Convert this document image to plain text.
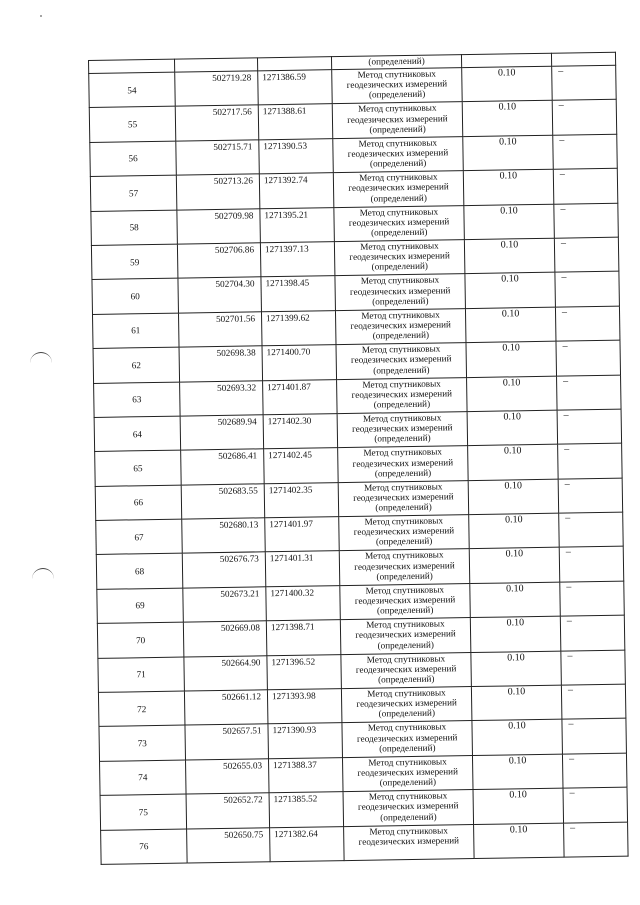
			(определений)		
54	502719.28	1271386.59	Метод спутниковых
геодезических измерений
(определений)	0.10	–
55	502717.56	1271388.61	Метод спутниковых
геодезических измерений
(определений)	0.10	–
56	502715.71	1271390.53	Метод спутниковых
геодезических измерений
(определений)	0.10	–
57	502713.26	1271392.74	Метод спутниковых
геодезических измерений
(определений)	0.10	–
58	502709.98	1271395.21	Метод спутниковых
геодезических измерений
(определений)	0.10	–
59	502706.86	1271397.13	Метод спутниковых
геодезических измерений
(определений)	0.10	–
60	502704.30	1271398.45	Метод спутниковых
геодезических измерений
(определений)	0.10	–
61	502701.56	1271399.62	Метод спутниковых
геодезических измерений
(определений)	0.10	–
62	502698.38	1271400.70	Метод спутниковых
геодезических измерений
(определений)	0.10	–
63	502693.32	1271401.87	Метод спутниковых
геодезических измерений
(определений)	0.10	–
64	502689.94	1271402.30	Метод спутниковых
геодезических измерений
(определений)	0.10	–
65	502686.41	1271402.45	Метод спутниковых
геодезических измерений
(определений)	0.10	–
66	502683.55	1271402.35	Метод спутниковых
геодезических измерений
(определений)	0.10	–
67	502680.13	1271401.97	Метод спутниковых
геодезических измерений
(определений)	0.10	–
68	502676.73	1271401.31	Метод спутниковых
геодезических измерений
(определений)	0.10	–
69	502673.21	1271400.32	Метод спутниковых
геодезических измерений
(определений)	0.10	–
70	502669.08	1271398.71	Метод спутниковых
геодезических измерений
(определений)	0.10	–
71	502664.90	1271396.52	Метод спутниковых
геодезических измерений
(определений)	0.10	–
72	502661.12	1271393.98	Метод спутниковых
геодезических измерений
(определений)	0.10	–
73	502657.51	1271390.93	Метод спутниковых
геодезических измерений
(определений)	0.10	–
74	502655.03	1271388.37	Метод спутниковых
геодезических измерений
(определений)	0.10	–
75	502652.72	1271385.52	Метод спутниковых
геодезических измерений
(определений)	0.10	–
76	502650.75	1271382.64	Метод спутниковых
геодезических измерений	0.10	–
